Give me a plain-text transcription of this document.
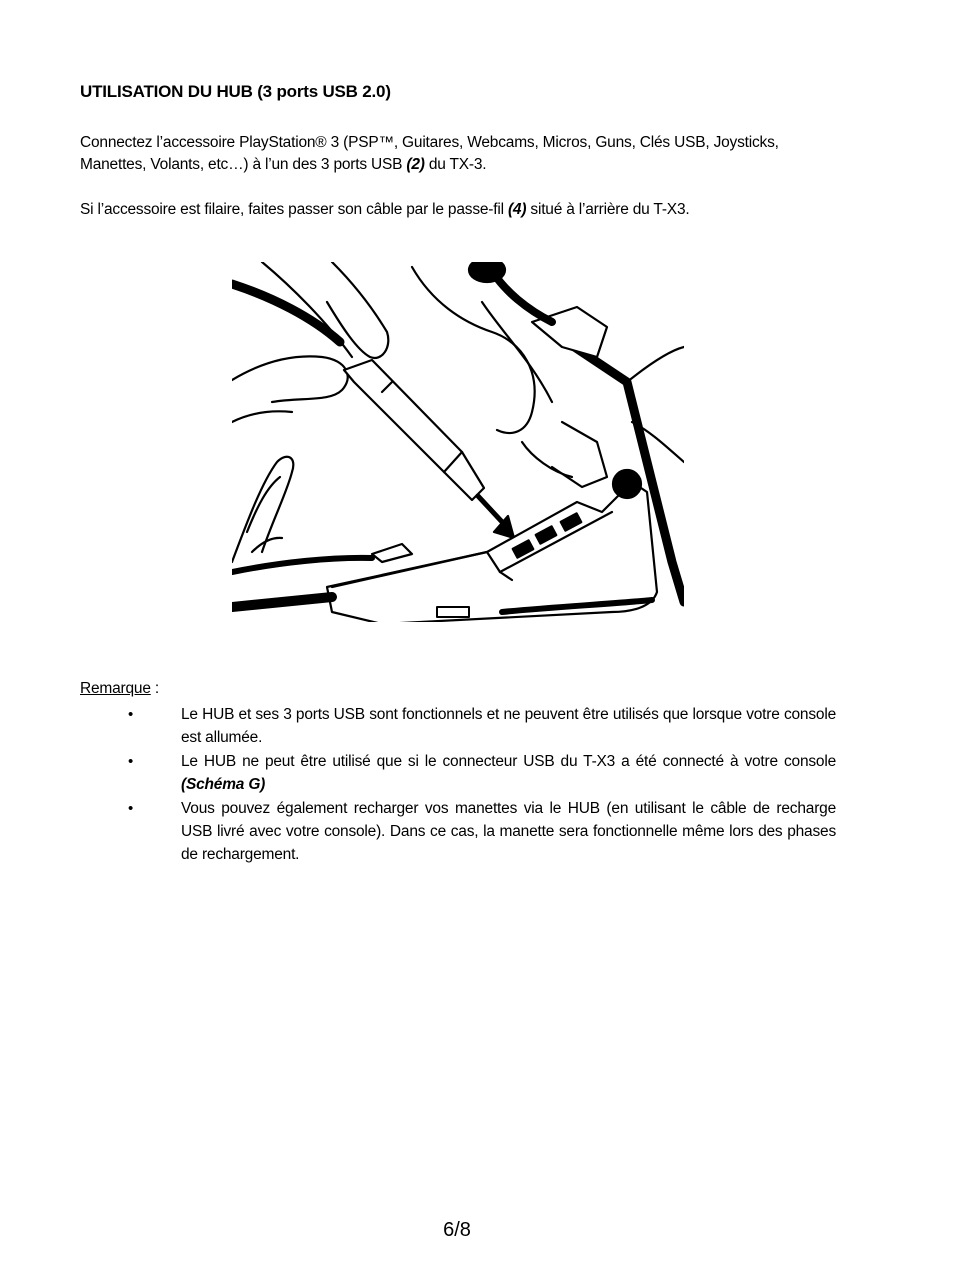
UTILISATION DU HUB (3 ports USB 2.0)
Connectez l’accessoire PlayStation® 3 (PSP™, Guitares, Webcams, Micros, Guns, Clés USB, Joysticks, Manettes, Volants, etc…) à l’un des 3 ports USB (2) du TX-3.
Si l’accessoire est filaire, faites passer son câble par le passe-fil (4) situé à l’arrière du T-X3.
Remarque :
•	Le HUB et ses 3 ports USB sont fonctionnels et ne peuvent être utilisés que lorsque votre console est allumée.
•	Le HUB ne peut être utilisé que si le connecteur USB du T-X3 a été connecté à votre console (Schéma G)
•	Vous pouvez également recharger vos manettes via le HUB (en utilisant le câble de recharge USB livré avec votre console). Dans ce cas, la manette sera fonctionnelle même lors des phases de rechargement.
6/8
